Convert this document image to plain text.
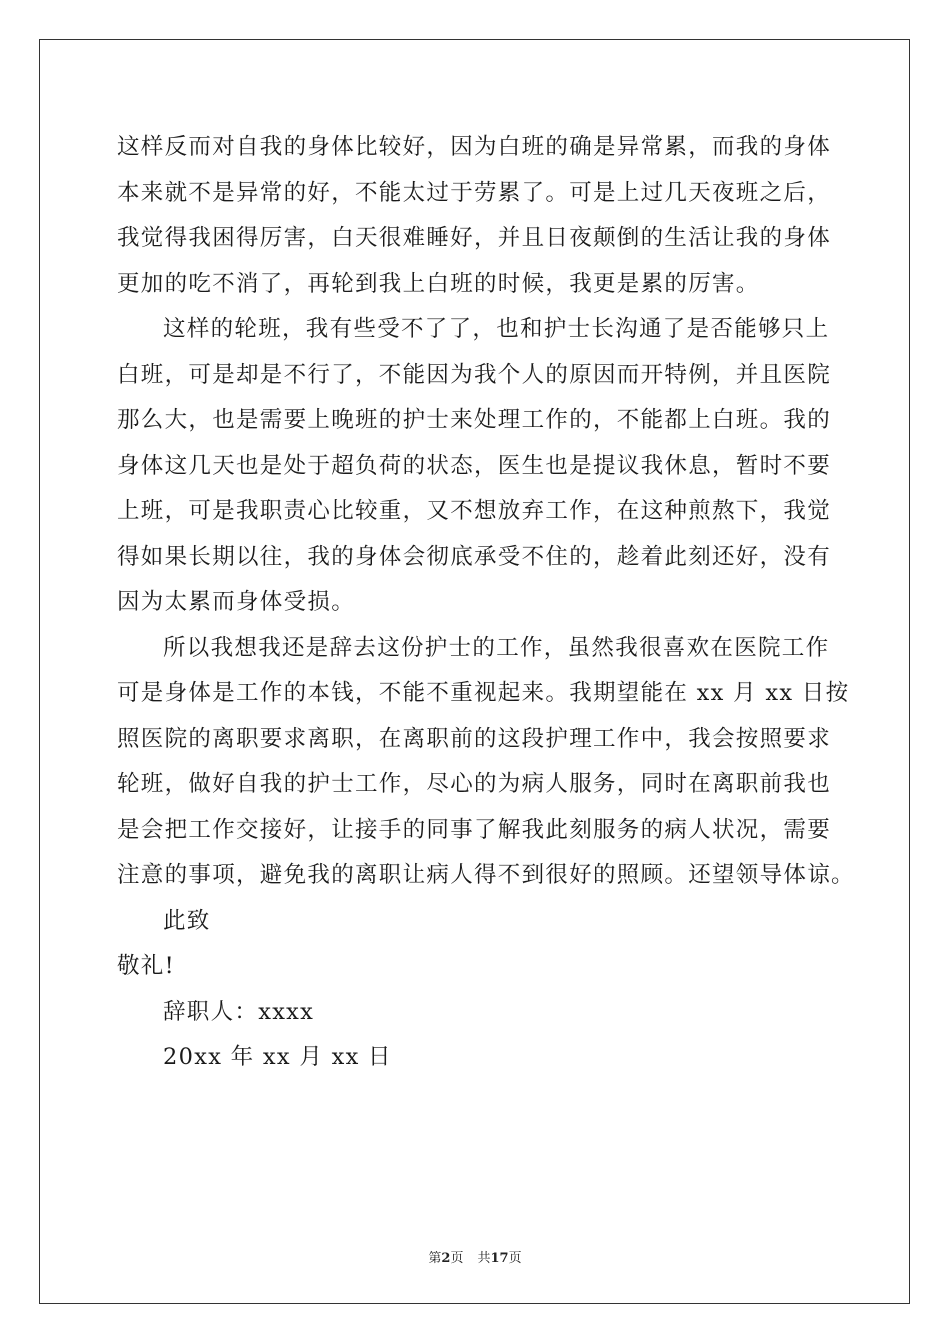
这样反而对自我的身体比较好，因为白班的确是异常累，而我的身体
本来就不是异常的好，不能太过于劳累了。可是上过几天夜班之后，
我觉得我困得厉害，白天很难睡好，并且日夜颠倒的生活让我的身体
更加的吃不消了，再轮到我上白班的时候，我更是累的厉害。
这样的轮班，我有些受不了了，也和护士长沟通了是否能够只上
白班，可是却是不行了，不能因为我个人的原因而开特例，并且医院
那么大，也是需要上晚班的护士来处理工作的，不能都上白班。我的
身体这几天也是处于超负荷的状态，医生也是提议我休息，暂时不要
上班，可是我职责心比较重，又不想放弃工作，在这种煎熬下，我觉
得如果长期以往，我的身体会彻底承受不住的，趁着此刻还好，没有
因为太累而身体受损。
所以我想我还是辞去这份护士的工作，虽然我很喜欢在医院工作
可是身体是工作的本钱，不能不重视起来。我期望能在 xx 月 xx 日按
照医院的离职要求离职，在离职前的这段护理工作中，我会按照要求
轮班，做好自我的护士工作，尽心的为病人服务，同时在离职前我也
是会把工作交接好，让接手的同事了解我此刻服务的病人状况，需要
注意的事项，避免我的离职让病人得不到很好的照顾。还望领导体谅。
此致
敬礼!
辞职人：xxxx
20xx 年 xx 月 xx 日
第2页 共17页
